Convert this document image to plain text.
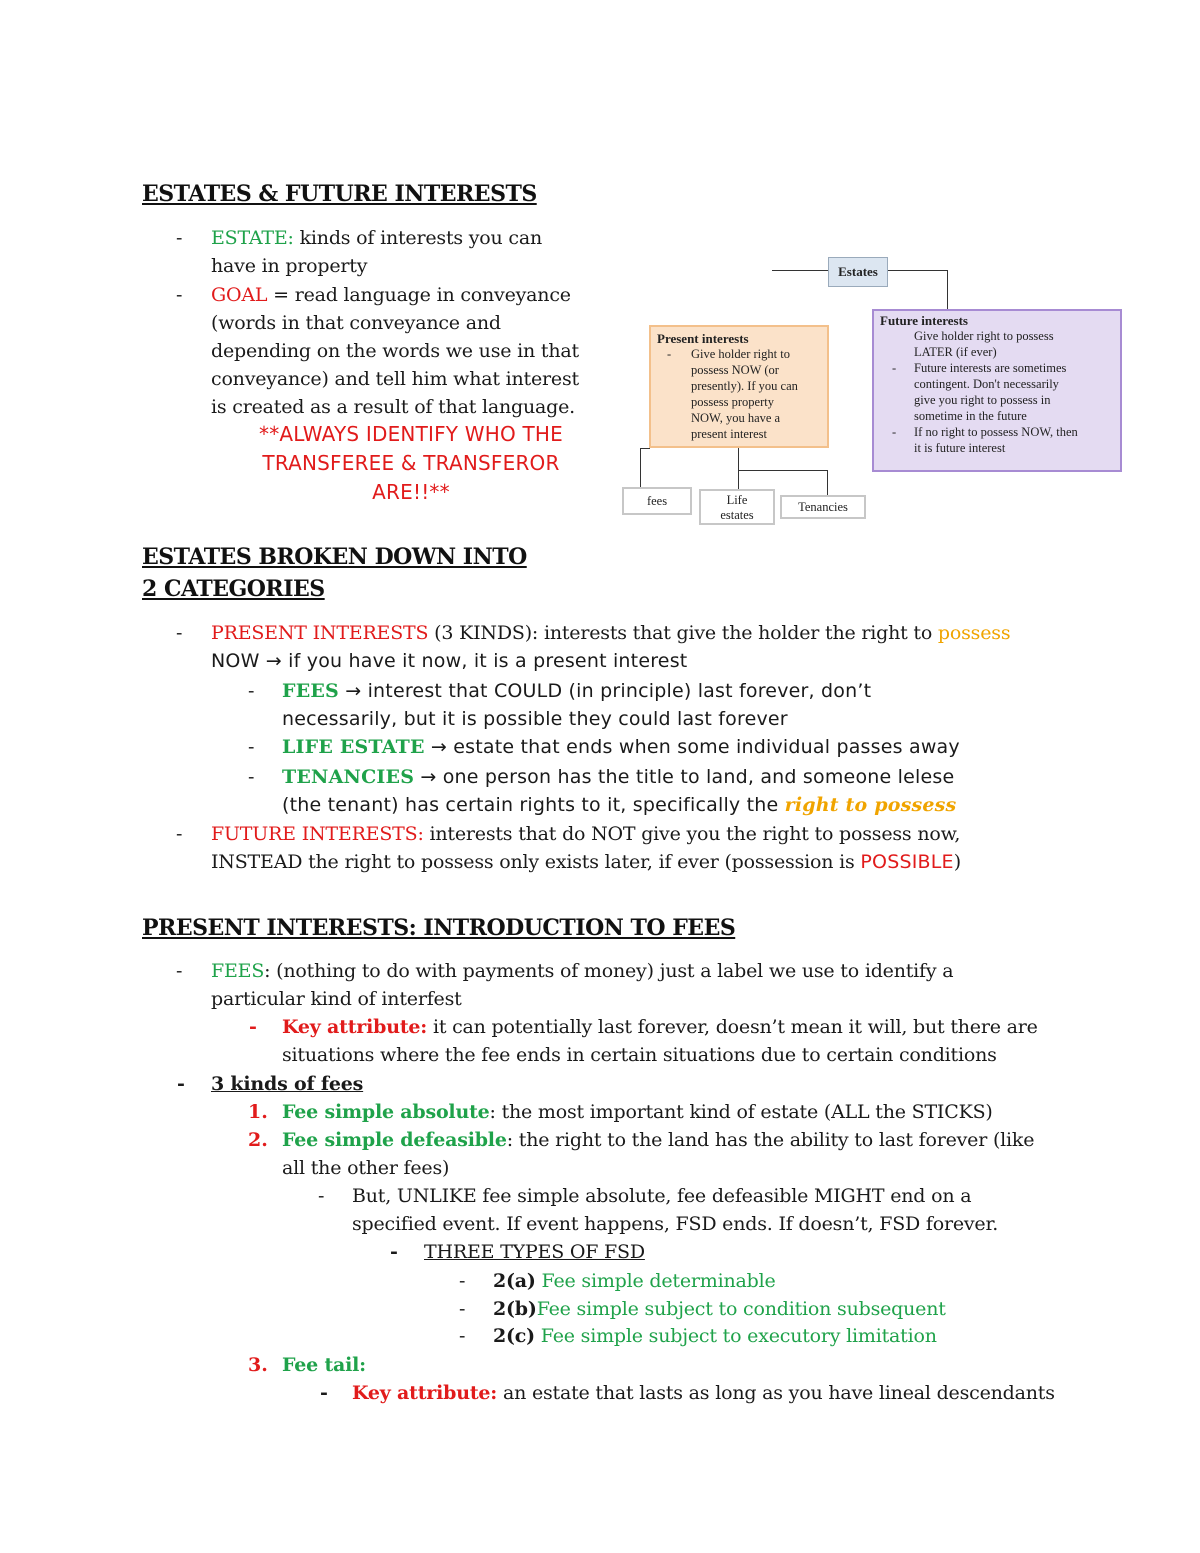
ESTATES & FUTURE INTERESTS
- ESTATE: kinds of interests you can
have in property
- GOAL = read language in conveyance
(words in that conveyance and
depending on the words we use in that
conveyance) and tell him what interest
is created as a result of that language.
**ALWAYS IDENTIFY WHO THE
TRANSFEREE & TRANSFEROR
ARE!!**
Estates
Present interests
- Give holder right to
possess NOW (or
presently). If you can
possess property
NOW, you have a
present interest
Future interests
Give holder right to possess
LATER (if ever)
- Future interests are sometimes
contingent. Don't necessarily
give you right to possess in
sometime in the future
- If no right to possess NOW, then
it is future interest
fees	Life
estates
Tenancies
ESTATES BROKEN DOWN INTO
2 CATEGORIES
- PRESENT INTERESTS (3 KINDS): interests that give the holder the right to possess
NOW → if you have it now, it is a present interest
- FEES → interest that COULD (in principle) last forever, don’t
necessarily, but it is possible they could last forever
- LIFE ESTATE → estate that ends when some individual passes away
- TENANCIES → one person has the title to land, and someone lelese
(the tenant) has certain rights to it, specifically the right to possess
- FUTURE INTERESTS: interests that do NOT give you the right to possess now,
INSTEAD the right to possess only exists later, if ever (possession is POSSIBLE)
PRESENT INTERESTS: INTRODUCTION TO FEES
- FEES: (nothing to do with payments of money) just a label we use to identify a
particular kind of interfest
- Key attribute: it can potentially last forever, doesn’t mean it will, but there are
situations where the fee ends in certain situations due to certain conditions
- 3 kinds of fees
1. Fee simple absolute: the most important kind of estate (ALL the STICKS)
2. Fee simple defeasible: the right to the land has the ability to last forever (like
all the other fees)
- But, UNLIKE fee simple absolute, fee defeasible MIGHT end on a
specified event. If event happens, FSD ends. If doesn’t, FSD forever.
- THREE TYPES OF FSD
- 2(a) Fee simple determinable
- 2(b)Fee simple subject to condition subsequent
- 2(c) Fee simple subject to executory limitation
3. Fee tail:
- Key attribute: an estate that lasts as long as you have lineal descendants
